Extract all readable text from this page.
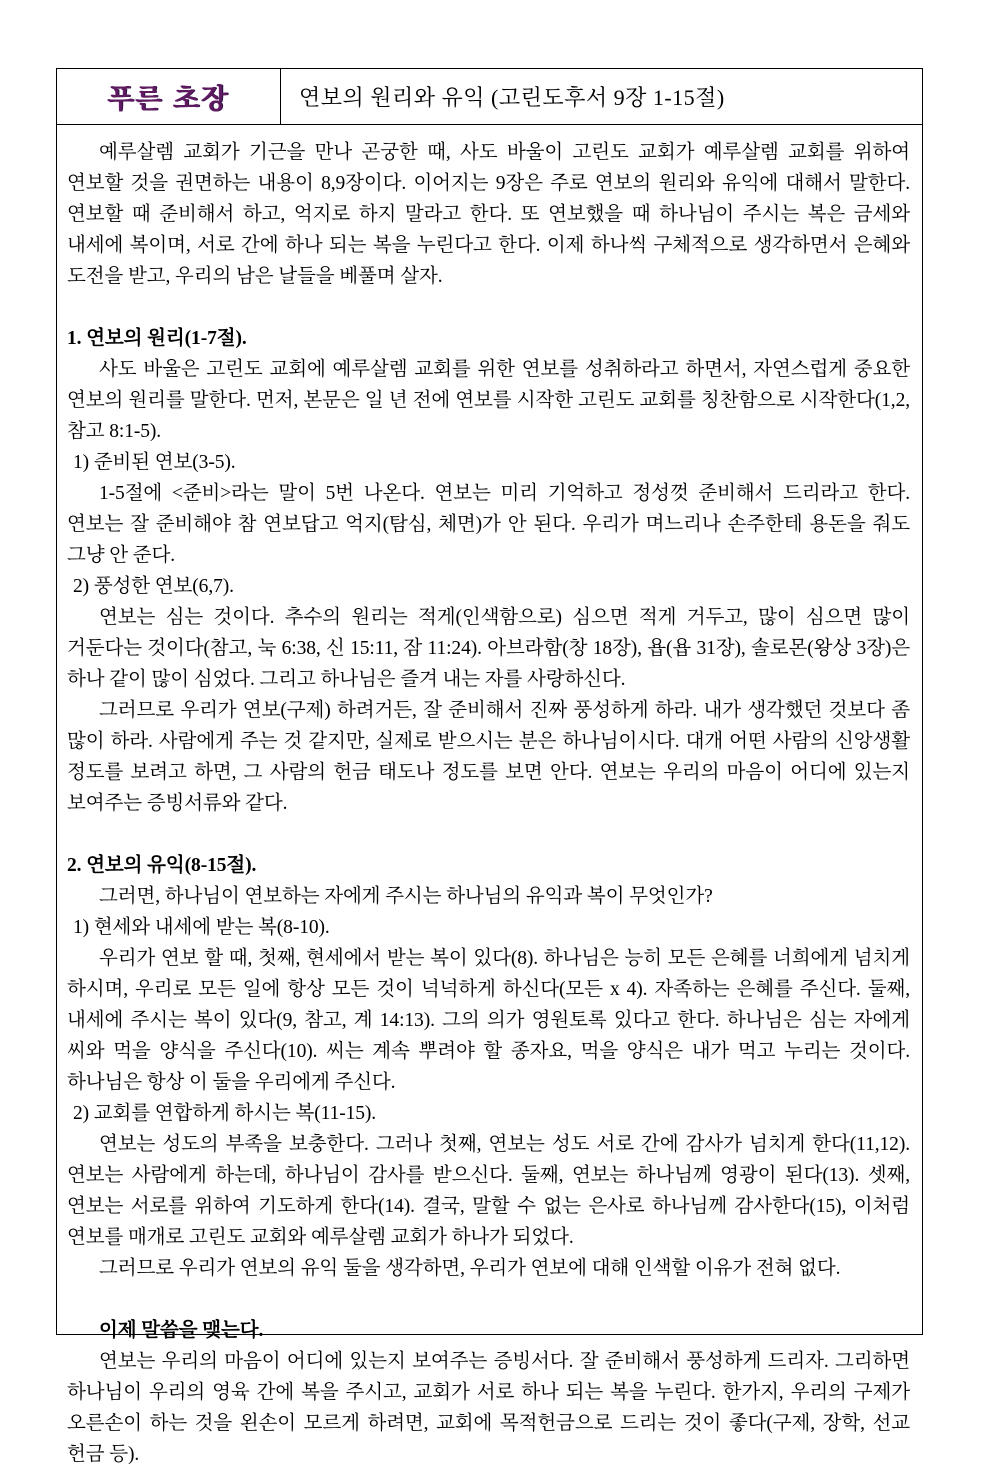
푸른 초장	연보의 원리와 유익 (고린도후서 9장 1-15절)

예루살렘 교회가 기근을 만나 곤궁한 때, 사도 바울이 고린도 교회가 예루살렘 교회를 위하여 연보할 것을 권면하는 내용이 8,9장이다. 이어지는 9장은 주로 연보의 원리와 유익에 대해서 말한다. 연보할 때 준비해서 하고, 억지로 하지 말라고 한다. 또 연보했을 때 하나님이 주시는 복은 금세와 내세에 복이며, 서로 간에 하나 되는 복을 누린다고 한다. 이제 하나씩 구체적으로 생각하면서 은혜와 도전을 받고, 우리의 남은 날들을 베풀며 살자.

1. 연보의 원리(1-7절).

사도 바울은 고린도 교회에 예루살렘 교회를 위한 연보를 성취하라고 하면서, 자연스럽게 중요한 연보의 원리를 말한다. 먼저, 본문은 일 년 전에 연보를 시작한 고린도 교회를 칭찬함으로 시작한다(1,2, 참고 8:1-5).

1) 준비된 연보(3-5).

1-5절에 <준비>라는 말이 5번 나온다. 연보는 미리 기억하고 정성껏 준비해서 드리라고 한다. 연보는 잘 준비해야 참 연보답고 억지(탐심, 체면)가 안 된다. 우리가 며느리나 손주한테 용돈을 줘도 그냥 안 준다.

2) 풍성한 연보(6,7).

연보는 심는 것이다. 추수의 원리는 적게(인색함으로) 심으면 적게 거두고, 많이 심으면 많이 거둔다는 것이다(참고, 눅 6:38, 신 15:11, 잠 11:24). 아브라함(창 18장), 욥(욥 31장), 솔로몬(왕상 3장)은 하나 같이 많이 심었다. 그리고 하나님은 즐겨 내는 자를 사랑하신다.

그러므로 우리가 연보(구제) 하려거든, 잘 준비해서 진짜 풍성하게 하라. 내가 생각했던 것보다 좀 많이 하라. 사람에게 주는 것 같지만, 실제로 받으시는 분은 하나님이시다. 대개 어떤 사람의 신앙생활 정도를 보려고 하면, 그 사람의 헌금 태도나 정도를 보면 안다. 연보는 우리의 마음이 어디에 있는지 보여주는 증빙서류와 같다.

2. 연보의 유익(8-15절).

그러면, 하나님이 연보하는 자에게 주시는 하나님의 유익과 복이 무엇인가?

1) 현세와 내세에 받는 복(8-10).

우리가 연보 할 때, 첫째, 현세에서 받는 복이 있다(8). 하나님은 능히 모든 은혜를 너희에게 넘치게 하시며, 우리로 모든 일에 항상 모든 것이 넉넉하게 하신다(모든 x 4). 자족하는 은혜를 주신다. 둘째, 내세에 주시는 복이 있다(9, 참고, 계 14:13). 그의 의가 영원토록 있다고 한다. 하나님은 심는 자에게 씨와 먹을 양식을 주신다(10). 씨는 계속 뿌려야 할 종자요, 먹을 양식은 내가 먹고 누리는 것이다. 하나님은 항상 이 둘을 우리에게 주신다.

2) 교회를 연합하게 하시는 복(11-15).

연보는 성도의 부족을 보충한다. 그러나 첫째, 연보는 성도 서로 간에 감사가 넘치게 한다(11,12). 연보는 사람에게 하는데, 하나님이 감사를 받으신다. 둘째, 연보는 하나님께 영광이 된다(13). 셋째, 연보는 서로를 위하여 기도하게 한다(14). 결국, 말할 수 없는 은사로 하나님께 감사한다(15), 이처럼 연보를 매개로 고린도 교회와 예루살렘 교회가 하나가 되었다.

그러므로 우리가 연보의 유익 둘을 생각하면, 우리가 연보에 대해 인색할 이유가 전혀 없다.

이제 말씀을 맺는다.

연보는 우리의 마음이 어디에 있는지 보여주는 증빙서다. 잘 준비해서 풍성하게 드리자. 그리하면 하나님이 우리의 영육 간에 복을 주시고, 교회가 서로 하나 되는 복을 누린다. 한가지, 우리의 구제가 오른손이 하는 것을 왼손이 모르게 하려면, 교회에 목적헌금으로 드리는 것이 좋다(구제, 장학, 선교 헌금 등).
